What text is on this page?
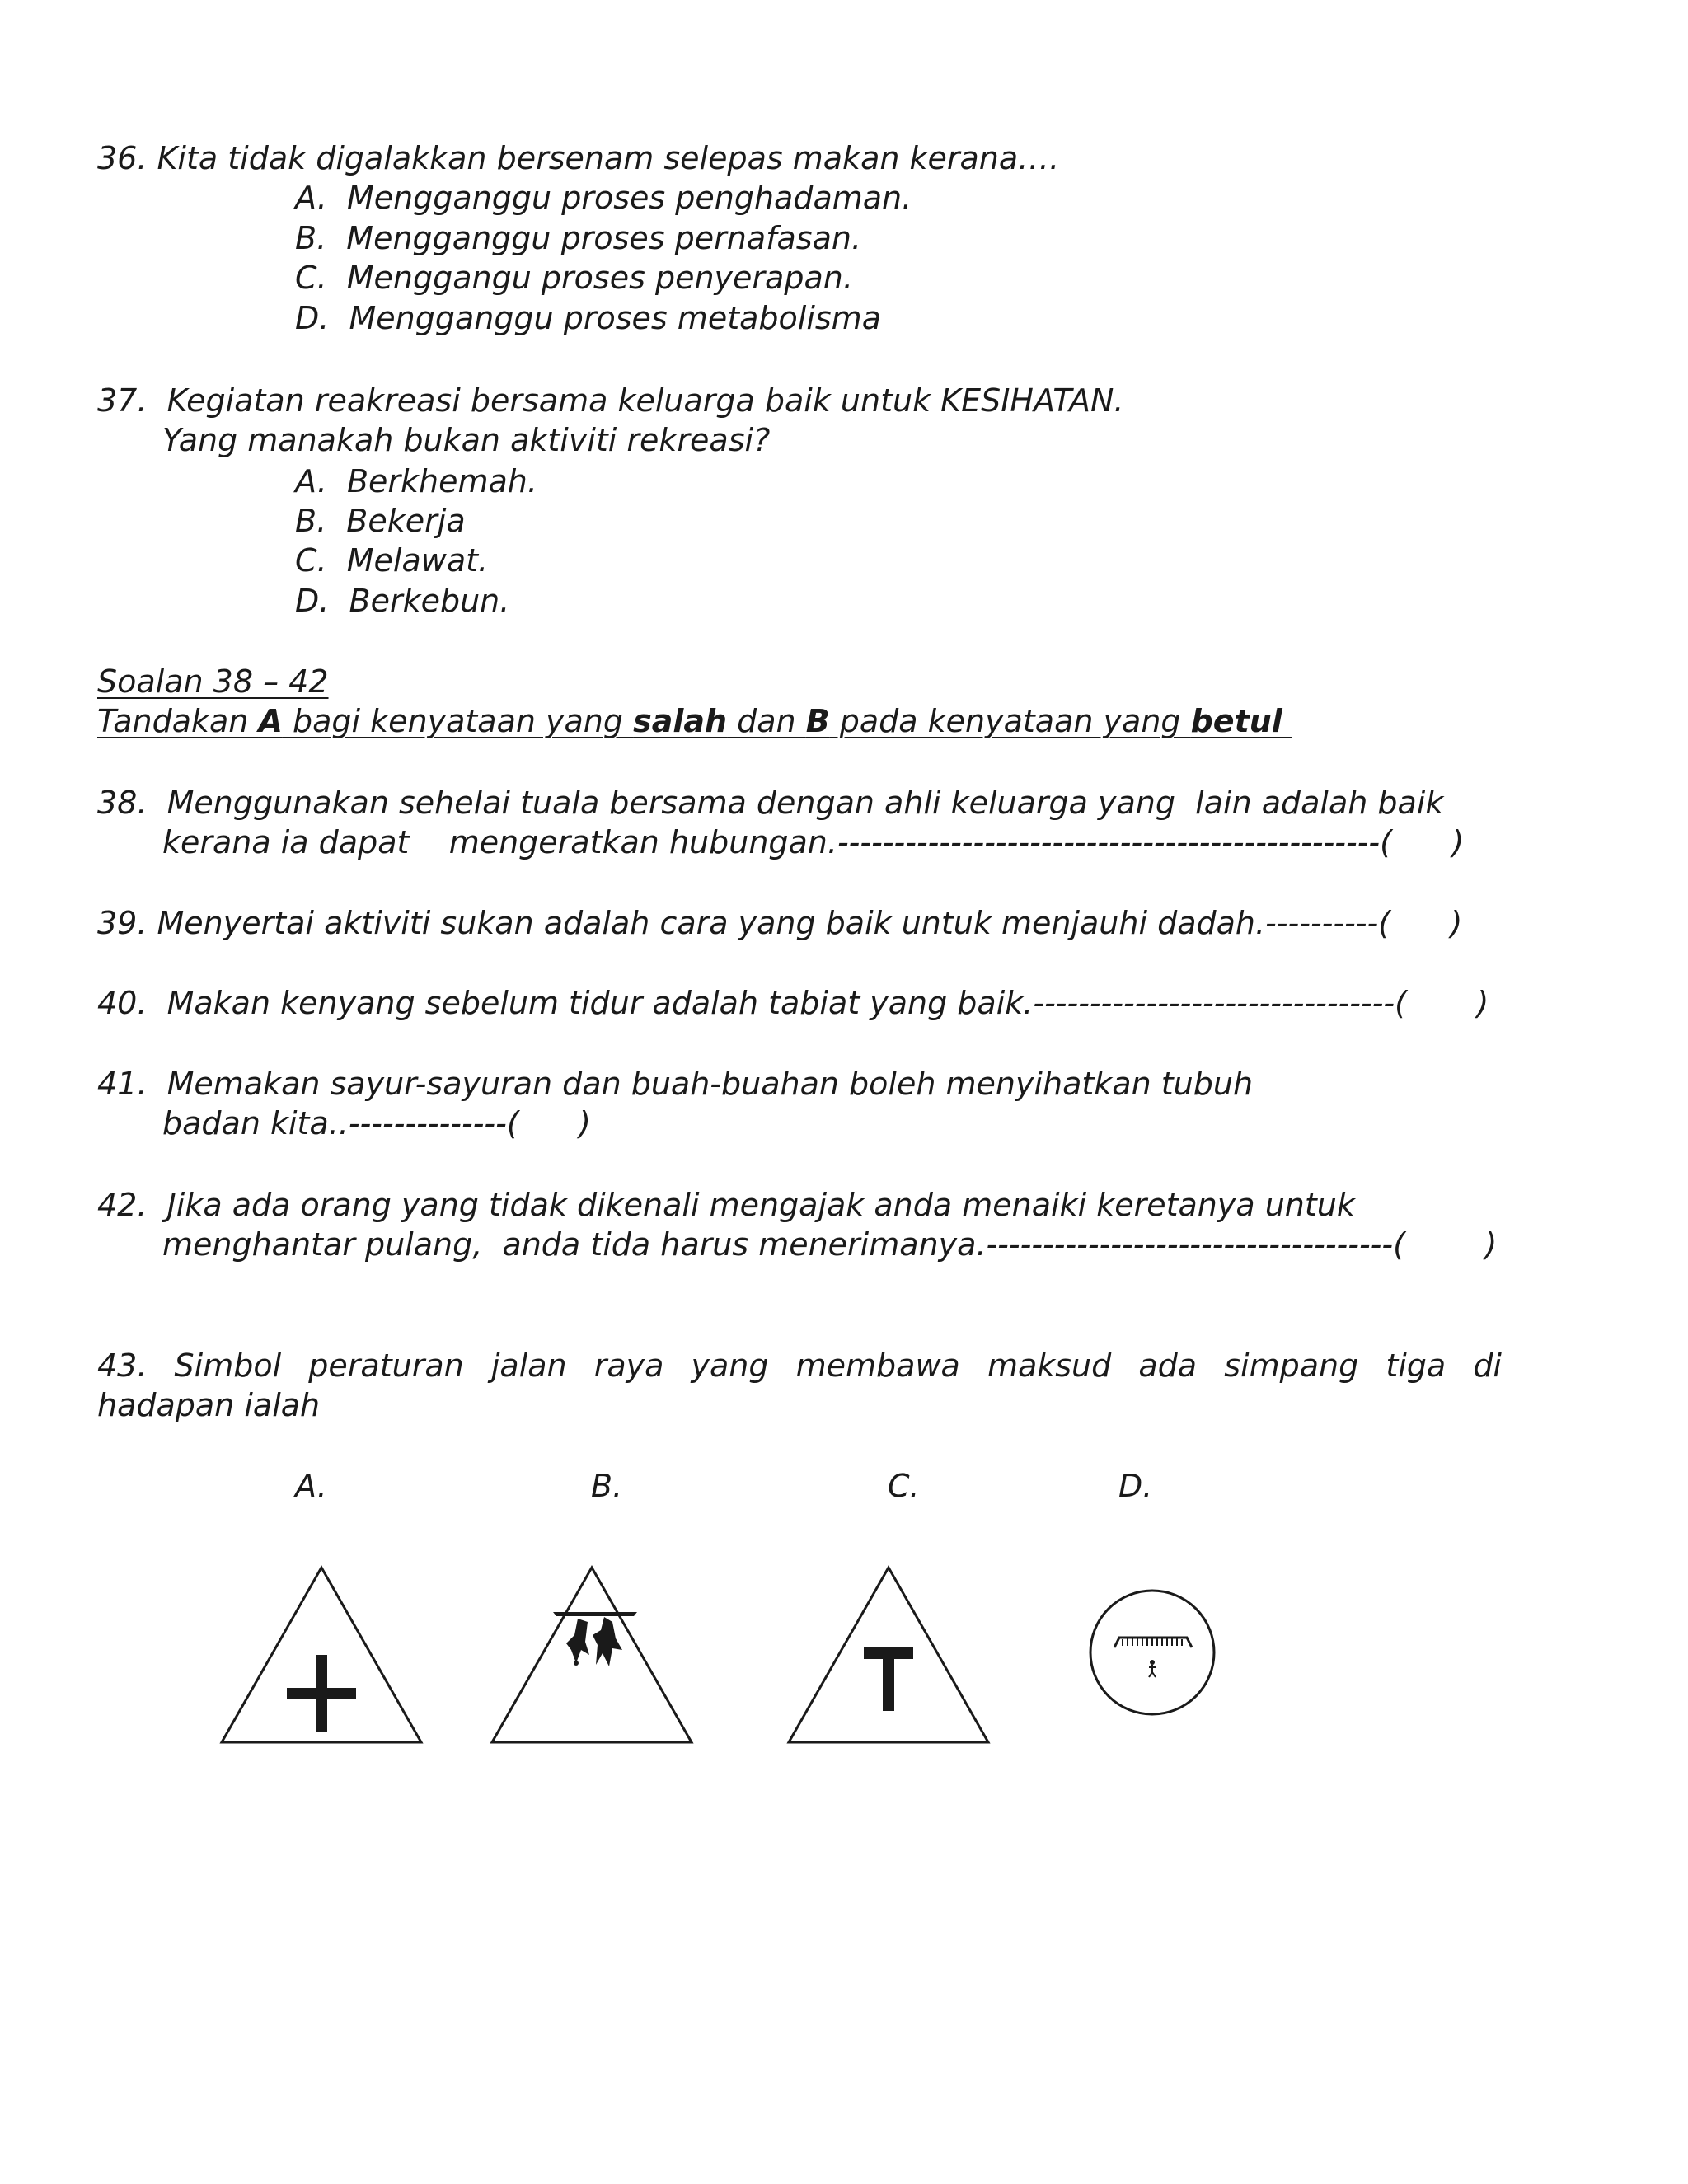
36. Kita tidak digalakkan bersenam selepas makan kerana….

A.  Mengganggu proses penghadaman.

B.  Mengganggu proses pernafasan.

C.  Menggangu proses penyerapan.

D.  Mengganggu proses metabolisma

37.  Kegiatan reakreasi bersama keluarga baik untuk KESIHATAN.

Yang manakah bukan aktiviti rekreasi?

A.  Berkhemah.

B.  Bekerja

C.  Melawat.

D.  Berkebun.

Soalan 38 – 42

Tandakan A bagi kenyataan yang salah dan B pada kenyataan yang betul

38.  Menggunakan sehelai tuala bersama dengan ahli keluarga yang  lain adalah baik

kerana ia dapat    mengeratkan hubungan.------------------------------------------------(      )

39. Menyertai aktiviti sukan adalah cara yang baik untuk menjauhi dadah.----------(      )

40.  Makan kenyang sebelum tidur adalah tabiat yang baik.--------------------------------(       )

41.  Memakan sayur-sayuran dan buah-buahan boleh menyihatkan tubuh

badan kita..--------------(      )

42.  Jika ada orang yang tidak dikenali mengajak anda menaiki keretanya untuk

menghantar pulang,  anda tida harus menerimanya.------------------------------------(        )

43. Simbol peraturan jalan raya yang membawa maksud ada simpang tiga di

hadapan ialah

A.	B.	C.	D.
